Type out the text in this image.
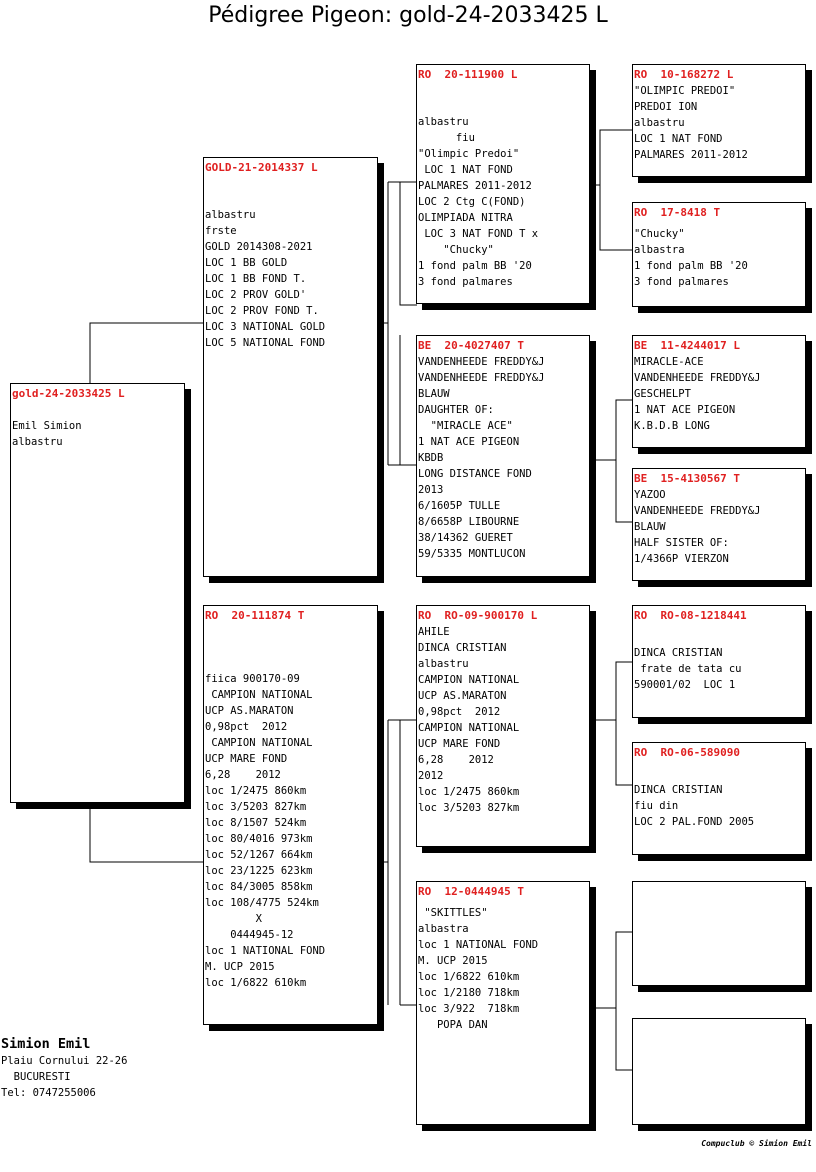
Pédigree Pigeon: gold-24-2033425 L
gold-24-2033425 L
Emil Simion
albastru
GOLD-21-2014337 L
albastru
frste
GOLD 2014308-2021
LOC 1 BB GOLD
LOC 1 BB FOND T.
LOC 2 PROV GOLD'
LOC 2 PROV FOND T.
LOC 3 NATIONAL GOLD
LOC 5 NATIONAL FOND
RO  20-111874 T
fiica 900170-09
CAMPION NATIONAL
UCP AS.MARATON
0,98pct  2012
CAMPION NATIONAL
UCP MARE FOND
6,28    2012
loc 1/2475 860km
loc 3/5203 827km
loc 8/1507 524km
loc 80/4016 973km
loc 52/1267 664km
loc 23/1225 623km
loc 84/3005 858km
loc 108/4775 524km
X
0444945-12
loc 1 NATIONAL FOND
M. UCP 2015
loc 1/6822 610km
RO  20-111900 L
albastru
fiu
"Olimpic Predoi"
LOC 1 NAT FOND
PALMARES 2011-2012
LOC 2 Ctg C(FOND)
OLIMPIADA NITRA
LOC 3 NAT FOND T x
"Chucky"
1 fond palm BB '20
3 fond palmares
BE  20-4027407 T
VANDENHEEDE FREDDY&J
VANDENHEEDE FREDDY&J
BLAUW
DAUGHTER OF:
"MIRACLE ACE"
1 NAT ACE PIGEON
KBDB
LONG DISTANCE FOND
2013
6/1605P TULLE
8/6658P LIBOURNE
38/14362 GUERET
59/5335 MONTLUCON
RO  RO-09-900170 L
AHILE
DINCA CRISTIAN
albastru
CAMPION NATIONAL
UCP AS.MARATON
0,98pct  2012
CAMPION NATIONAL
UCP MARE FOND
6,28    2012
2012
loc 1/2475 860km
loc 3/5203 827km
RO  12-0444945 T
"SKITTLES"
albastra
loc 1 NATIONAL FOND
M. UCP 2015
loc 1/6822 610km
loc 1/2180 718km
loc 3/922  718km
POPA DAN
RO  10-168272 L
"OLIMPIC PREDOI"
PREDOI ION
albastru
LOC 1 NAT FOND
PALMARES 2011-2012
RO  17-8418 T
"Chucky"
albastra
1 fond palm BB '20
3 fond palmares
BE  11-4244017 L
MIRACLE-ACE
VANDENHEEDE FREDDY&J
GESCHELPT
1 NAT ACE PIGEON
K.B.D.B LONG
BE  15-4130567 T
YAZOO
VANDENHEEDE FREDDY&J
BLAUW
HALF SISTER OF:
1/4366P VIERZON
RO  RO-08-1218441
DINCA CRISTIAN
frate de tata cu
590001/02  LOC 1
RO  RO-06-589090
DINCA CRISTIAN
fiu din
LOC 2 PAL.FOND 2005
Simion Emil
Plaiu Cornului 22-26
BUCURESTI
Tel: 0747255006
Compuclub © Simion Emil
